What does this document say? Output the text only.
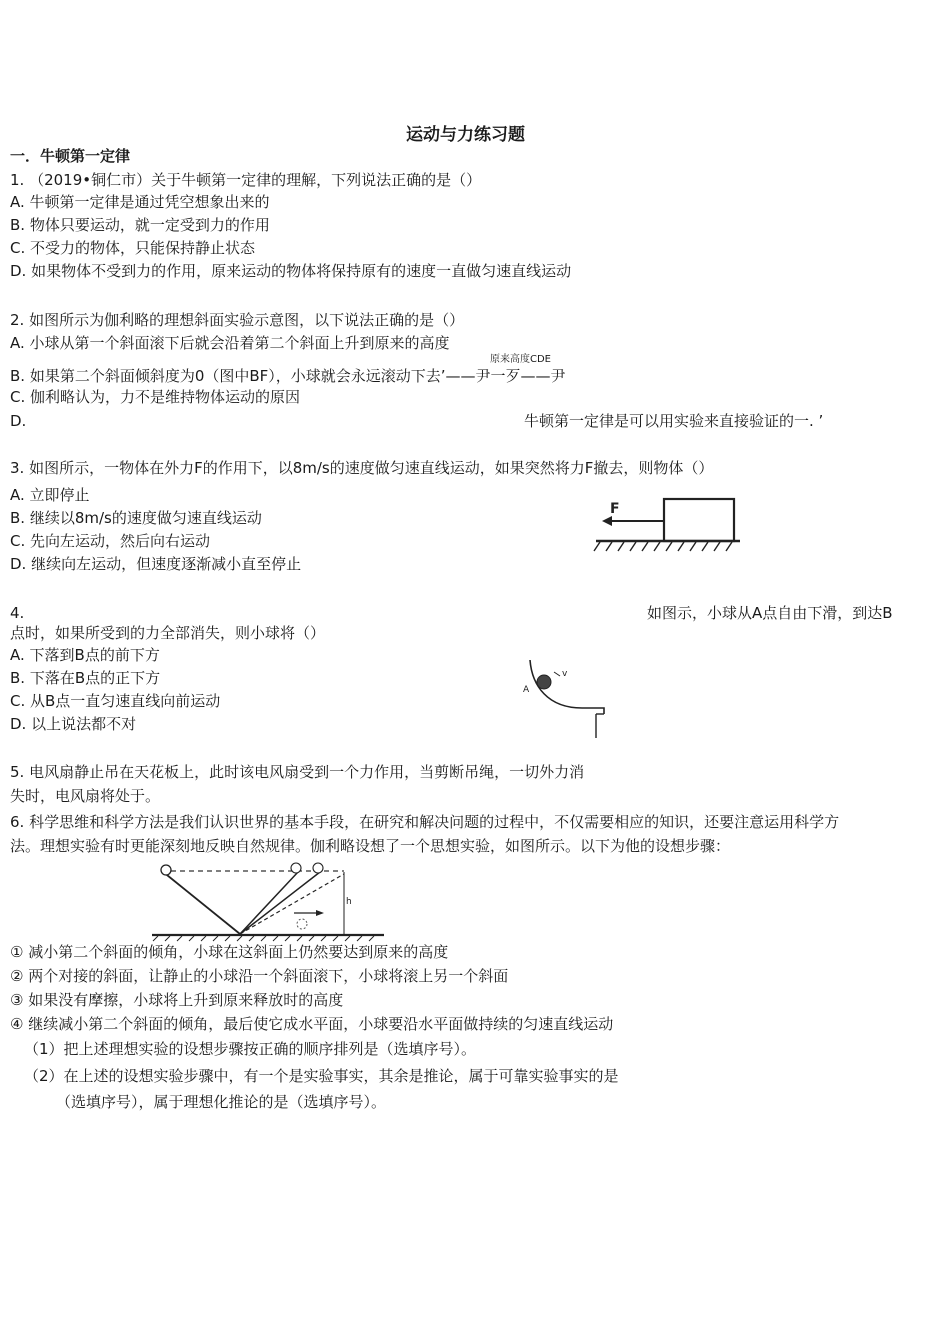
运动与力练习题
一．牛顿第一定律
1. （2019•铜仁市）关于牛顿第一定律的理解，下列说法正确的是（）
A. 牛顿第一定律是通过凭空想象出来的
B. 物体只要运动，就一定受到力的作用
C. 不受力的物体，只能保持静止状态
D. 如果物体不受到力的作用，原来运动的物体将保持原有的速度一直做匀速直线运动
2. 如图所示为伽利略的理想斜面实验示意图，以下说法正确的是（）
A. 小球从第一个斜面滚下后就会沿着第二个斜面上升到原来的高度
原来高度CDE
B. 如果第二个斜面倾斜度为0（图中BF），小球就会永远滚动下去’——尹一歹——尹
C. 伽利略认为，力不是维持物体运动的原因
D.	牛顿第一定律是可以用实验来直接验证的一. ’
3. 如图所示，一物体在外力F的作用下，以8m/s的速度做匀速直线运动，如果突然将力F撤去，则物体（）
A. 立即停止
B. 继续以8m/s的速度做匀速直线运动
C. 先向左运动，然后向右运动
D. 继续向左运动，但速度逐渐减小直至停止
F
4.	如图示，小球从A点自由下滑，到达B
点时，如果所受到的力全部消失，则小球将（）
A. 下落到B点的前下方
B. 下落在B点的正下方
C. 从B点一直匀速直线向前运动
D. 以上说法都不对
A
v
5. 电风扇静止吊在天花板上，此时该电风扇受到一个力作用，当剪断吊绳，一切外力消
失时，电风扇将处于。
6. 科学思维和科学方法是我们认识世界的基本手段，在研究和解决问题的过程中，不仅需要相应的知识，还要注意运用科学方
法。理想实验有时更能深刻地反映自然规律。伽利略设想了一个思想实验，如图所示。以下为他的设想步骤：
h
① 减小第二个斜面的倾角，小球在这斜面上仍然要达到原来的高度
② 两个对接的斜面，让静止的小球沿一个斜面滚下，小球将滚上另一个斜面
③ 如果没有摩擦，小球将上升到原来释放时的高度
④ 继续减小第二个斜面的倾角，最后使它成水平面，小球要沿水平面做持续的匀速直线运动
（1）把上述理想实验的设想步骤按正确的顺序排列是（选填序号）。
（2）在上述的设想实验步骤中，有一个是实验事实，其余是推论，属于可靠实验事实的是
（选填序号），属于理想化推论的是（选填序号）。
